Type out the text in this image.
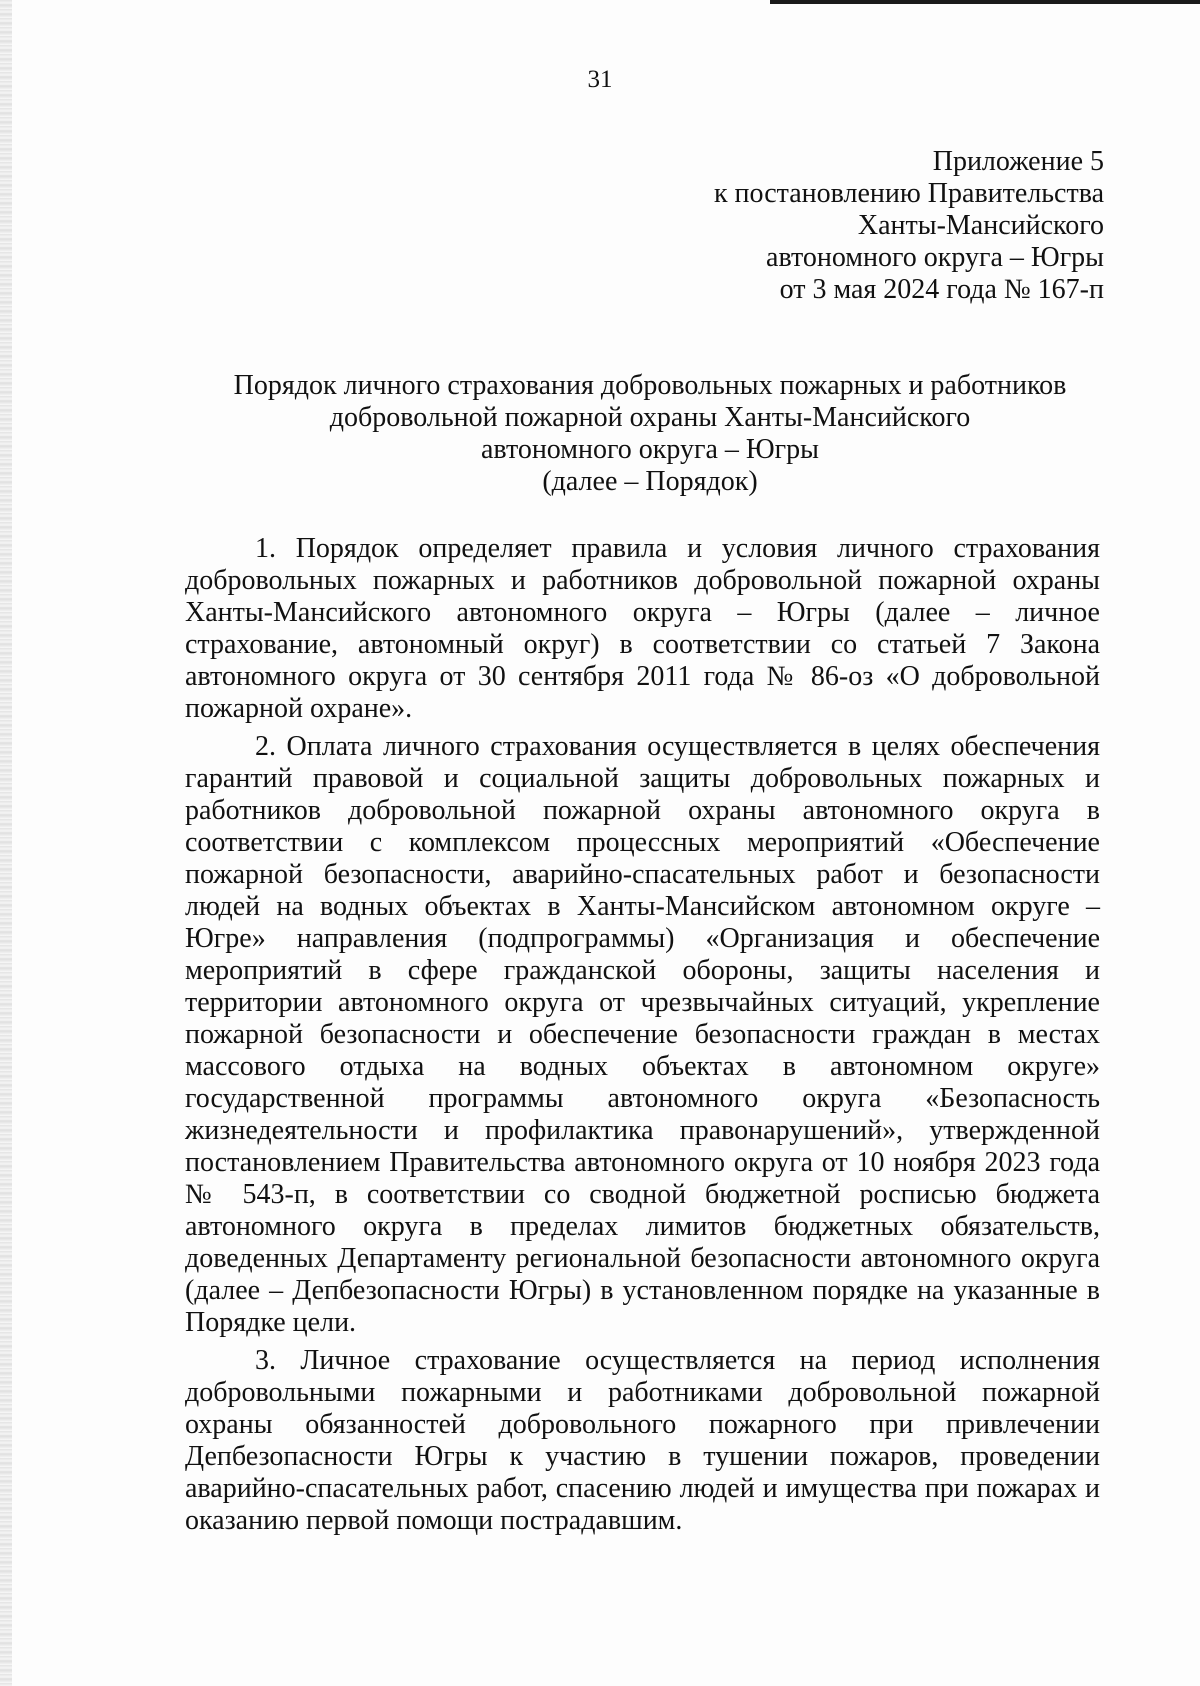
31
Приложение 5
к постановлению Правительства
Ханты-Мансийского
автономного округа – Югры
от 3 мая 2024 года № 167-п
Порядок личного страхования добровольных пожарных и работников
добровольной пожарной охраны Ханты-Мансийского
автономного округа – Югры
(далее – Порядок)

1. Порядок определяет правила и условия личного страхования добровольных пожарных и работников добровольной пожарной охраны Ханты-Мансийского автономного округа – Югры (далее – личное страхование, автономный округ) в соответствии со статьей 7 Закона автономного округа от 30 сентября 2011 года № 86-оз «О добровольной пожарной охране».

2. Оплата личного страхования осуществляется в целях обеспечения гарантий правовой и социальной защиты добровольных пожарных и работников добровольной пожарной охраны автономного округа в соответствии с комплексом процессных мероприятий «Обеспечение пожарной безопасности, аварийно-спасательных работ и безопасности людей на водных объектах в Ханты-Мансийском автономном округе – Югре» направления (подпрограммы) «Организация и обеспечение мероприятий в сфере гражданской обороны, защиты населения и территории автономного округа от чрезвычайных ситуаций, укрепление пожарной безопасности и обеспечение безопасности граждан в местах массового отдыха на водных объектах в автономном округе» государственной программы автономного округа «Безопасность жизнедеятельности и профилактика правонарушений», утвержденной постановлением Правительства автономного округа от 10 ноября 2023 года № 543-п, в соответствии со сводной бюджетной росписью бюджета автономного округа в пределах лимитов бюджетных обязательств, доведенных Департаменту региональной безопасности автономного округа (далее – Депбезопасности Югры) в установленном порядке на указанные в Порядке цели.

3. Личное страхование осуществляется на период исполнения добровольными пожарными и работниками добровольной пожарной охраны обязанностей добровольного пожарного при привлечении Депбезопасности Югры к участию в тушении пожаров, проведении аварийно-спасательных работ, спасению людей и имущества при пожарах и оказанию первой помощи пострадавшим.
